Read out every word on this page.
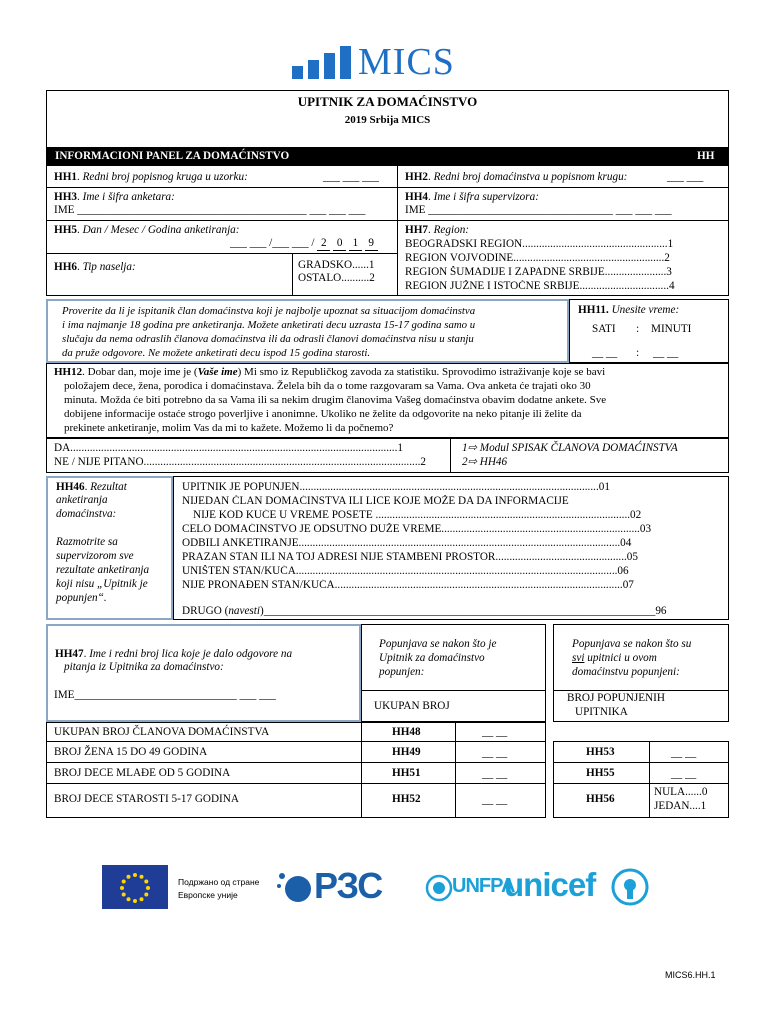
MICS
UPITNIK ZA DOMAĆINSTVO
2019 Srbija MICS
INFORMACIONI PANEL ZA DOMAĆINSTVO	HH
HH1. Redni broj popisnog kruga u uzorku:	___ ___ ___ HH2. Redni broj domaćinstva u popisnom krugu:	___ ___
HH3. Ime i šifra anketara:
IME _________________________________________ ___ ___ ___
HH4. Ime i šifra supervizora:
IME _________________________________ ___ ___ ___
HH5. Dan / Mesec / Godina anketiranja:
___ ___ /___ ___ / 2 0 1 9
HH6. Tip naselja:	GRADSKO......1
OSTALO..........2
HH7. Region:
BEOGRADSKI REGION....................................................1
REGION VOJVODINE......................................................2
REGION ŠUMADIJE I ZAPADNE SRBIJE......................3
REGION JUŽNE I ISTOČNE SRBIJE................................4
Proverite da li je ispitanik član domaćinstva koji je najbolje upoznat sa situacijom domaćinstva
i ima najmanje 18 godina pre anketiranja. Možete anketirati decu uzrasta 15-17 godina samo u
slučaju da nema odraslih članova domaćinstva ili da odrasli članovi domaćinstva nisu u stanju
da pruže odgovore. Ne možete anketirati decu ispod 15 godina starosti.
HH11. Unesite vreme:
SATI : MINUTI
__ __ : __ __
HH12. Dobar dan, moje ime je (Vaše ime) Mi smo iz Republičkog zavoda za statistiku. Sprovodimo istraživanje koje se bavi
položajem dece, žena, porodica i domaćinstava. Želela bih da o tome razgovaram sa Vama. Ova anketa će trajati oko 30
minuta. Možda će biti potrebno da sa Vama ili sa nekim drugim članovima Vašeg domaćinstva obavim dodatne ankete. Sve
dobijene informacije ostaće strogo poverljive i anonimne. Ukoliko ne želite da odgovorite na neko pitanje ili želite da
prekinete anketiranje, molim Vas da mi to kažete. Možemo li da počnemo?
DA.....................................................................................................................1
NE / NIJE PITANO...................................................................................................2
1⇨ Modul SPISAK ČLANOVA DOMAĆINSTVA
2⇨ HH46
HH46. Rezultat
anketiranja
domaćinstva:
Razmotrite sa
supervizorom sve
rezultate anketiranja
koji nisu „Upitnik je
popunjen“.
UPITNIK JE POPUNJEN...........................................................................................................01
NIJEDAN ČLAN DOMAĆINSTVA ILI LICE KOJE MOŽE DA DA INFORMACIJE
NIJE KOD KUĆE U VREME POSETE ...........................................................................................02
CELO DOMAĆINSTVO JE ODSUTNO DUŽE VREME.......................................................................03
ODBILI ANKETIRANJE...................................................................................................................04
PRAZAN STAN ILI NA TOJ ADRESI NIJE STAMBENI PROSTOR...............................................05
UNIŠTEN STAN/KUĆA...................................................................................................................06
NIJE PRONAĐEN STAN/KUĆA.......................................................................................................07
DRUGO (navesti)______________________________________________________________________96
HH47. Ime i redni broj lica koje je dalo odgovore na
pitanja iz Upitnika za domaćinstvo:
IME_____________________________ ___ ___
Popunjava se nakon što je
Upitnik za domaćinstvo
popunjen:
UKUPAN BROJ
Popunjava se nakon što su
svi upitnici u ovom
domaćinstvu popunjeni:
BROJ POPUNJENIH
UPITNIKA
UKUPAN BROJ ČLANOVA DOMAĆINSTVA	HH48	__ __
BROJ ŽENA 15 DO 49 GODINA	HH49	__ __	HH53	__ __
BROJ DECE MLAĐE OD 5 GODINA	HH51	__ __	HH55	__ __
BROJ DECE STAROSTI 5-17 GODINA	HH52	__ __	HH56
NULA......0
JEDAN....1
Подржано од стране
Европске уније РЗС	UNFPA
unicef
MICS6.HH.1
